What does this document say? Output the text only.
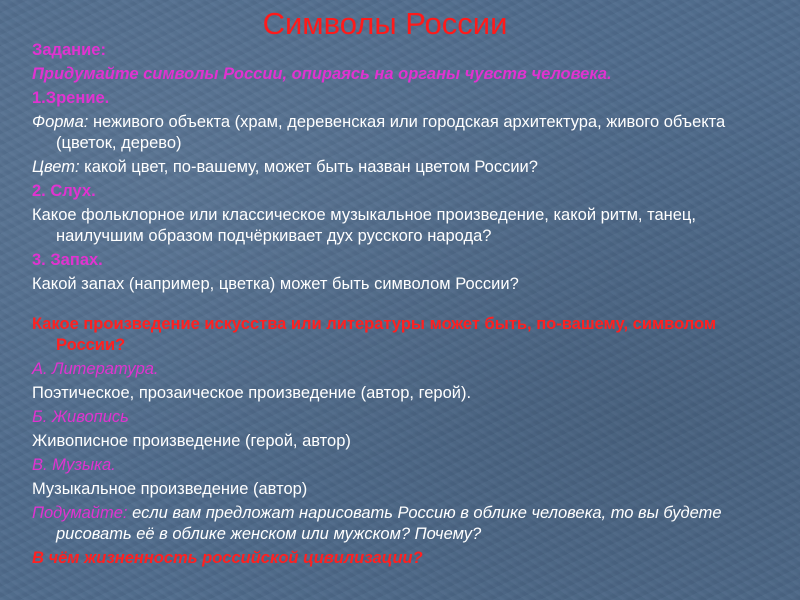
Символы России
Задание:
Придумайте символы России, опираясь на органы чувств человека.
1.Зрение.
Форма: неживого объекта (храм, деревенская или городская архитектура, живого объекта (цветок, дерево)
Цвет: какой цвет, по-вашему, может быть назван цветом России?
2. Слух.
Какое фольклорное или классическое музыкальное произведение, какой ритм, танец, наилучшим образом подчёркивает дух русского народа?
3. Запах.
Какой запах (например, цветка) может быть символом России?
Какое произведение искусства или литературы может быть, по-вашему, символом России?
А. Литература.
Поэтическое, прозаическое произведение (автор, герой).
Б. Живопись
Живописное произведение (герой, автор)
В. Музыка.
Музыкальное произведение (автор)
Подумайте: если вам предложат нарисовать Россию в облике человека, то вы будете рисовать её в облике женском или мужском? Почему?
В чём жизненность российской цивилизации?
